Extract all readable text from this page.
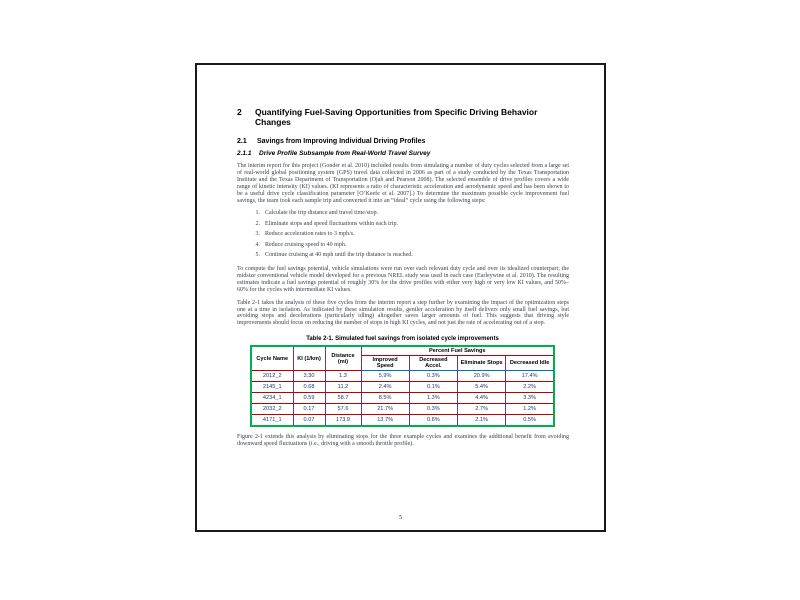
2	Quantifying Fuel-Saving Opportunities from Specific Driving Behavior Changes
2.1	Savings from Improving Individual Driving Profiles
2.1.1 Drive Profile Subsample from Real-World Travel Survey

The interim report for this project (Gonder et al. 2010) included results from simulating a number of duty cycles selected from a large set of real-world global positioning system (GPS) travel data collected in 2006 as part of a study conducted by the Texas Transportation Institute and the Texas Department of Transportation (Ojah and Pearson 2008). The selected ensemble of drive profiles covers a wide range of kinetic intensity (KI) values. (KI represents a ratio of characteristic acceleration and aerodynamic speed and has been shown to be a useful drive cycle classification parameter [O’Keefe et al. 2007].) To determine the maximum possible cycle improvement fuel savings, the team took each sample trip and converted it into an “ideal” cycle using the following steps:

1. Calculate the trip distance and travel time/stop.
2. Eliminate stops and speed fluctuations within each trip.
3. Reduce acceleration rates to 3 mph/s.
4. Reduce cruising speed to 40 mph.
5. Continue cruising at 40 mph until the trip distance is reached.

To compute the fuel savings potential, vehicle simulations were run over each relevant duty cycle and over its idealized counterpart; the midsize conventional vehicle model developed for a previous NREL study was used in each case (Earleywine et al. 2010). The resulting estimates indicate a fuel savings potential of roughly 30% for the drive profiles with either very high or very low KI values, and 50%–60% for the cycles with intermediate KI values.

Table 2-1 takes the analysis of these five cycles from the interim report a step further by examining the impact of the optimization steps one at a time in isolation. As indicated by these simulation results, gentler acceleration by itself delivers only small fuel savings, but avoiding stops and decelerations (particularly idling) altogether saves larger amounts of fuel. This suggests that driving style improvements should focus on reducing the number of stops in high KI cycles, and not just the rate of accelerating out of a stop.

Table 2-1. Simulated fuel savings from isolated cycle improvements
Cycle Name	KI (1/km)	Distance (mi)	Percent Fuel Savings			
			Improved Speed	Decreased Accel.	Eliminate Stops	Decreased Idle
2012_2	3.30	1.3	5.9%	0.3%	20.9%	17.4%
2145_1	0.68	11.2	2.4%	0.1%	5.4%	2.2%
4234_1	0.59	58.7	8.5%	1.3%	4.4%	3.3%
2032_2	0.17	57.6	21.7%	0.3%	2.7%	1.2%
4171_1	0.07	173.9	13.7%	0.6%	2.1%	0.5%

Figure 2-1 extends this analysis by eliminating stops for the three example cycles and examines the additional benefit from avoiding downward speed fluctuations (i.e., driving with a smooth throttle profile).

5
